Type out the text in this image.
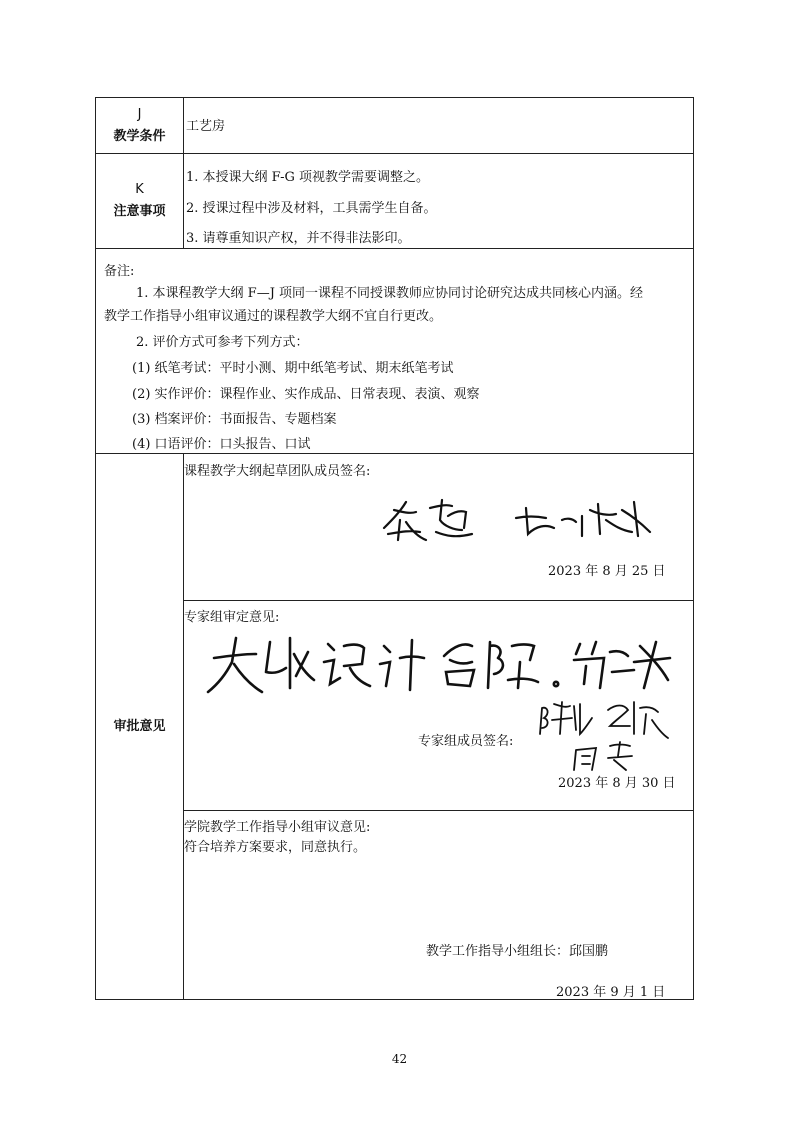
J
教学条件
工艺房
K
注意事项
1. 本授课大纲 F-G 项视教学需要调整之。
2. 授课过程中涉及材料，工具需学生自备。
3. 请尊重知识产权，并不得非法影印。
备注:
1. 本课程教学大纲 F—J 项同一课程不同授课教师应协同讨论研究达成共同核心内涵。经
教学工作指导小组审议通过的课程教学大纲不宜自行更改。
2. 评价方式可参考下列方式：
(1) 纸笔考试：平时小测、期中纸笔考试、期末纸笔考试
(2) 实作评价：课程作业、实作成品、日常表现、表演、观察
(3) 档案评价：书面报告、专题档案
(4) 口语评价：口头报告、口试
审批意见
课程教学大纲起草团队成员签名:
2023 年 8 月 25 日
专家组审定意见:
专家组成员签名:
2023 年 8 月 30 日
学院教学工作指导小组审议意见:
符合培养方案要求，同意执行。
教学工作指导小组组长：邱国鹏
2023 年 9 月 1 日
42
